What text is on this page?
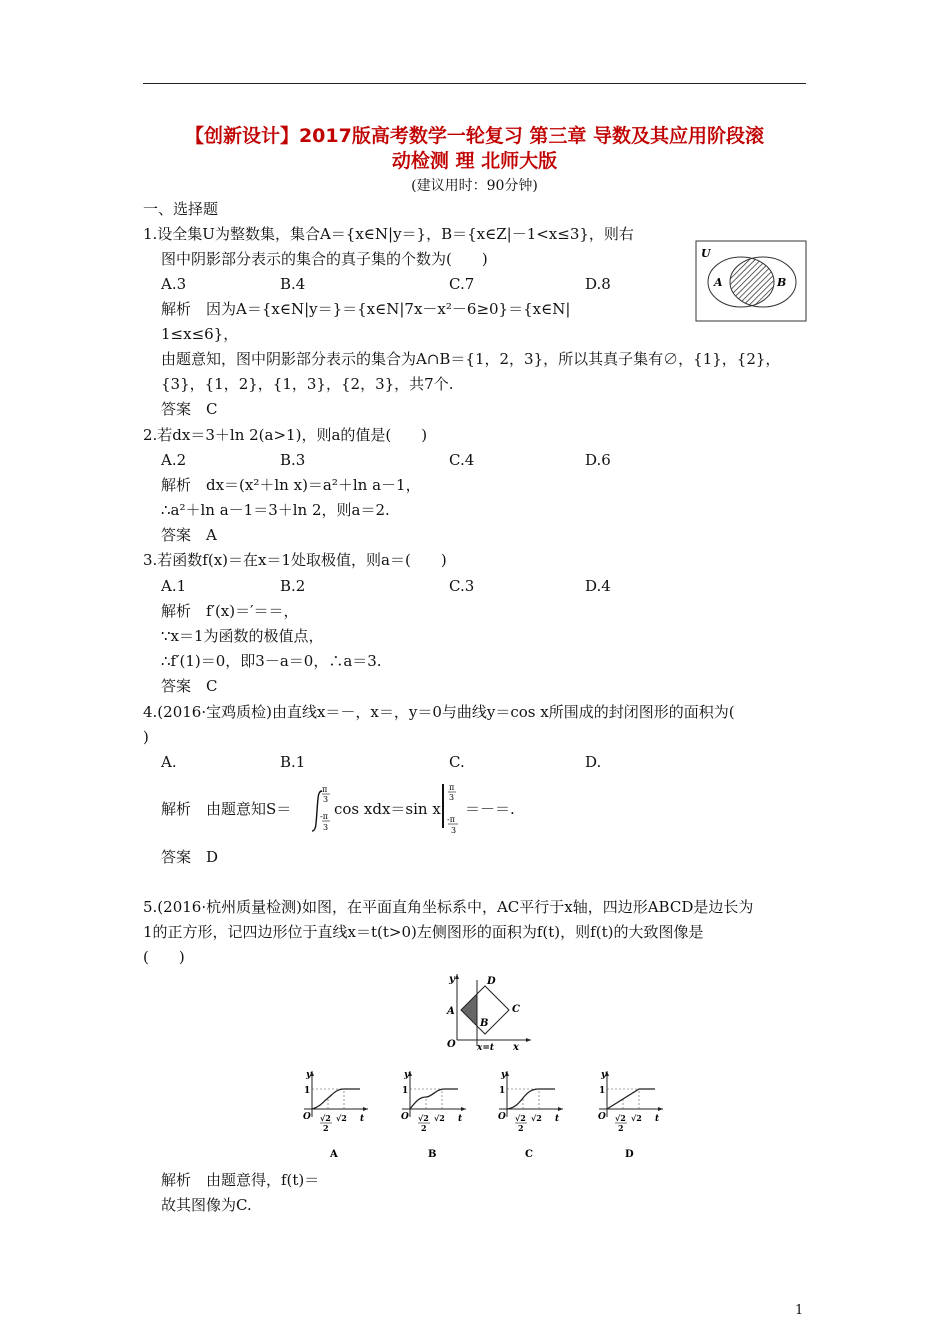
【创新设计】2017版高考数学一轮复习 第三章 导数及其应用阶段滚
动检测 理 北师大版
(建议用时：90分钟)
一、选择题
1.设全集U为整数集，集合A＝{x∈N|y＝}，B＝{x∈Z|－1<x≤3}，则右
图中阴影部分表示的集合的真子集的个数为(　　)
A.3	B.4	C.7	D.8
解析　因为A＝{x∈N|y＝}＝{x∈N|7x－x²－6≥0}＝{x∈N|
1≤x≤6}，
由题意知，图中阴影部分表示的集合为A∩B＝{1，2，3}，所以其真子集有∅，{1}，{2}，
{3}，{1，2}，{1，3}，{2，3}，共7个.
答案　C
U
A	B
2.若dx＝3＋ln 2(a>1)，则a的值是(　　)
A.2	B.3	C.4	D.6
解析　dx＝(x²＋ln x)＝a²＋ln a－1，
∴a²＋ln a－1＝3＋ln 2，则a＝2.
答案　A
3.若函数f(x)＝在x＝1处取极值，则a＝(　　)
A.1	B.2	C.3	D.4
解析　f′(x)＝′＝＝，
∵x＝1为函数的极值点，
∴f′(1)＝0，即3－a＝0，∴a＝3.
答案　C
4.(2016·宝鸡质检)由直线x＝－，x＝，y＝0与曲线y＝cos x所围成的封闭图形的面积为(
)
A.	B.1	C.	D.
解析　由题意知S＝
π
3
-π
3
cos xdx＝sin x
π
3
-π
3
＝－＝.
答案　D
5.(2016·杭州质量检测)如图，在平面直角坐标系中，AC平行于x轴，四边形ABCD是边长为
1的正方形，记四边形位于直线x＝t(t>0)左侧图形的面积为f(t)，则f(t)的大致图像是
(　　)
y
O
A
B
C
D
x=t x
y
1
O √2
2
√2 t
A
y
1
O √2
2
√2 t
B
y
1
O √2
2
√2 t
C
y
1
O √2
2
√2 t
D
解析　由题意得，f(t)＝
故其图像为C.
1
